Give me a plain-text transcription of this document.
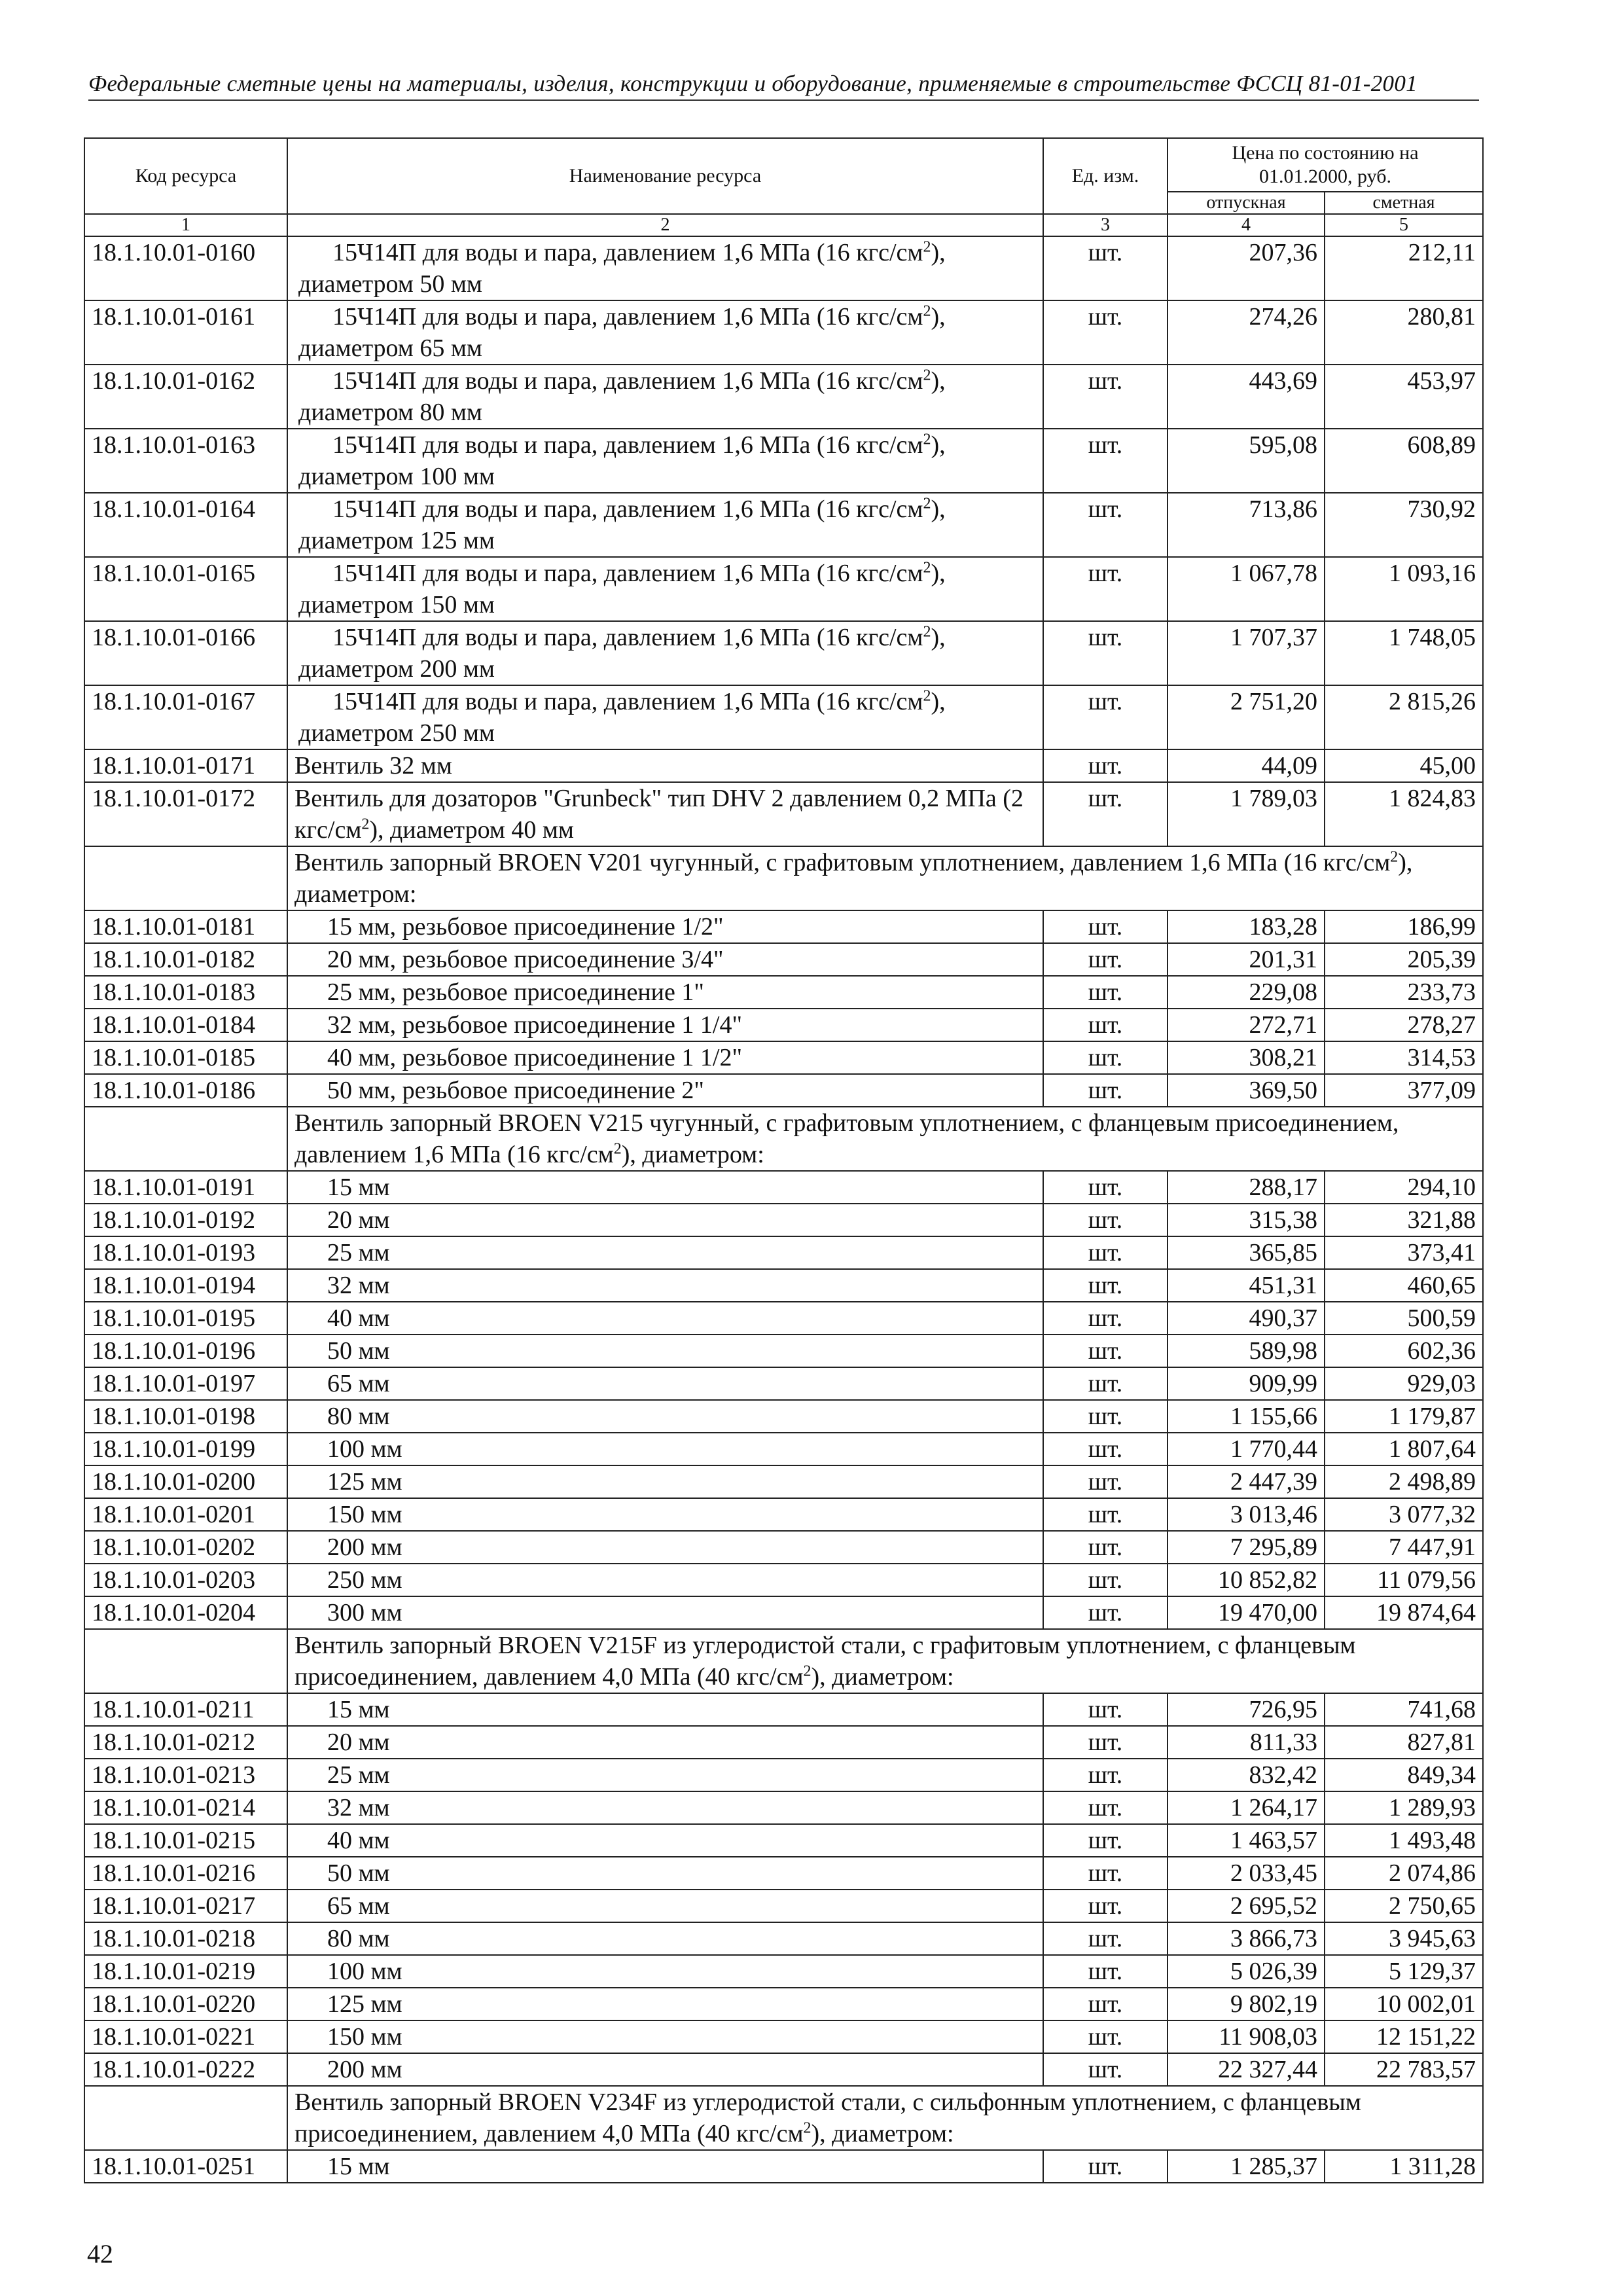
Федеральные сметные цены на материалы, изделия, конструкции и оборудование, применяемые в строительстве ФССЦ 81-01-2001
Код ресурса	Наименование ресурса	Ед. изм.	Цена по состоянию на 01.01.2000, руб.	
			отпускная	сметная
1	2	3	4	5
18.1.10.01-0160	15Ч14П для воды и пара, давлением 1,6 МПа (16 кгс/$см^2$),
диаметром 50 мм	шт.	207,36	212,11
18.1.10.01-0161	15Ч14П для воды и пара, давлением 1,6 МПа (16 кгс/$см^2$),
диаметром 65 мм	шт.	274,26	280,81
18.1.10.01-0162	15Ч14П для воды и пара, давлением 1,6 МПа (16 кгс/$см^2$),
диаметром 80 мм	шт.	443,69	453,97
18.1.10.01-0163	15Ч14П для воды и пара, давлением 1,6 МПа (16 кгс/$см^2$),
диаметром 100 мм	шт.	595,08	608,89
18.1.10.01-0164	15Ч14П для воды и пара, давлением 1,6 МПа (16 кгс/$см^2$),
диаметром 125 мм	шт.	713,86	730,92
18.1.10.01-0165	15Ч14П для воды и пара, давлением 1,6 МПа (16 кгс/$см^2$),
диаметром 150 мм	шт.	1 067,78	1 093,16
18.1.10.01-0166	15Ч14П для воды и пара, давлением 1,6 МПа (16 кгс/$см^2$),
диаметром 200 мм	шт.	1 707,37	1 748,05
18.1.10.01-0167	15Ч14П для воды и пара, давлением 1,6 МПа (16 кгс/$см^2$),
диаметром 250 мм	шт.	2 751,20	2 815,26
18.1.10.01-0171	Вентиль 32 мм	шт.	44,09	45,00
18.1.10.01-0172	Вентиль для дозаторов "Grunbeck" тип DHV 2 давлением 0,2 МПа (2 кгс/$см^2$), диаметром 40 мм	шт.	1 789,03	1 824,83
	Вентиль запорный BROEN V201 чугунный, с графитовым уплотнением, давлением 1,6 МПа (16 кгс/$см^2$), диаметром:			
18.1.10.01-0181	15 мм, резьбовое присоединение 1/2"	шт.	183,28	186,99
18.1.10.01-0182	20 мм, резьбовое присоединение 3/4"	шт.	201,31	205,39
18.1.10.01-0183	25 мм, резьбовое присоединение 1"	шт.	229,08	233,73
18.1.10.01-0184	32 мм, резьбовое присоединение 1 1/4"	шт.	272,71	278,27
18.1.10.01-0185	40 мм, резьбовое присоединение 1 1/2"	шт.	308,21	314,53
18.1.10.01-0186	50 мм, резьбовое присоединение 2"	шт.	369,50	377,09
	Вентиль запорный BROEN V215 чугунный, с графитовым уплотнением, с фланцевым присоединением, давлением 1,6 МПа (16 кгс/$см^2$), диаметром:			
18.1.10.01-0191	15 мм	шт.	288,17	294,10
18.1.10.01-0192	20 мм	шт.	315,38	321,88
18.1.10.01-0193	25 мм	шт.	365,85	373,41
18.1.10.01-0194	32 мм	шт.	451,31	460,65
18.1.10.01-0195	40 мм	шт.	490,37	500,59
18.1.10.01-0196	50 мм	шт.	589,98	602,36
18.1.10.01-0197	65 мм	шт.	909,99	929,03
18.1.10.01-0198	80 мм	шт.	1 155,66	1 179,87
18.1.10.01-0199	100 мм	шт.	1 770,44	1 807,64
18.1.10.01-0200	125 мм	шт.	2 447,39	2 498,89
18.1.10.01-0201	150 мм	шт.	3 013,46	3 077,32
18.1.10.01-0202	200 мм	шт.	7 295,89	7 447,91
18.1.10.01-0203	250 мм	шт.	10 852,82	11 079,56
18.1.10.01-0204	300 мм	шт.	19 470,00	19 874,64
	Вентиль запорный BROEN V215F из углеродистой стали, с графитовым уплотнением, с фланцевым присоединением, давлением 4,0 МПа (40 кгс/$см^2$), диаметром:			
18.1.10.01-0211	15 мм	шт.	726,95	741,68
18.1.10.01-0212	20 мм	шт.	811,33	827,81
18.1.10.01-0213	25 мм	шт.	832,42	849,34
18.1.10.01-0214	32 мм	шт.	1 264,17	1 289,93
18.1.10.01-0215	40 мм	шт.	1 463,57	1 493,48
18.1.10.01-0216	50 мм	шт.	2 033,45	2 074,86
18.1.10.01-0217	65 мм	шт.	2 695,52	2 750,65
18.1.10.01-0218	80 мм	шт.	3 866,73	3 945,63
18.1.10.01-0219	100 мм	шт.	5 026,39	5 129,37
18.1.10.01-0220	125 мм	шт.	9 802,19	10 002,01
18.1.10.01-0221	150 мм	шт.	11 908,03	12 151,22
18.1.10.01-0222	200 мм	шт.	22 327,44	22 783,57
	Вентиль запорный BROEN V234F из углеродистой стали, с сильфонным уплотнением, с фланцевым присоединением, давлением 4,0 МПа (40 кгс/$см^2$), диаметром:			
18.1.10.01-0251	15 мм	шт.	1 285,37	1 311,28
42
